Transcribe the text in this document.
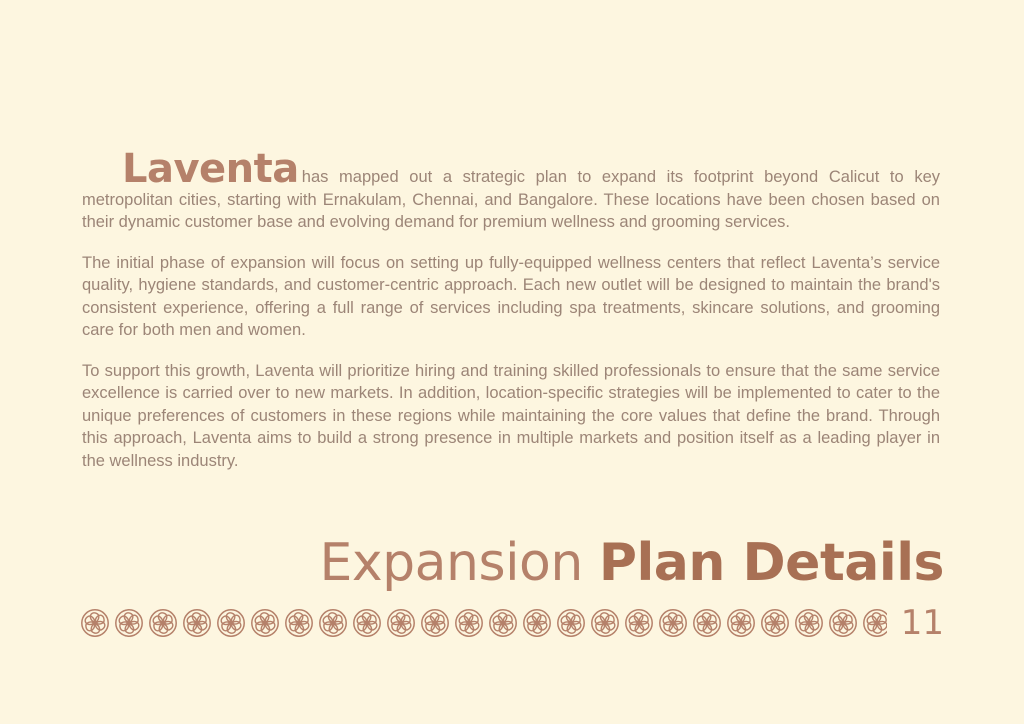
Laventa has mapped out a strategic plan to expand its footprint beyond Calicut to key metropolitan cities, starting with Ernakulam, Chennai, and Bangalore. These locations have been chosen based on their dynamic customer base and evolving demand for premium wellness and grooming services.

The initial phase of expansion will focus on setting up fully-equipped wellness centers that reflect Laventa’s service quality, hygiene standards, and customer-centric approach. Each new outlet will be designed to maintain the brand's consistent experience, offering a full range of services including spa treatments, skincare solutions, and grooming care for both men and women.

To support this growth, Laventa will prioritize hiring and training skilled professionals to ensure that the same service excellence is carried over to new markets. In addition, location-specific strategies will be implemented to cater to the unique preferences of customers in these regions while maintaining the core values that define the brand. Through this approach, Laventa aims to build a strong presence in multiple markets and position itself as a leading player in the wellness industry.

Expansion Plan Details
11
